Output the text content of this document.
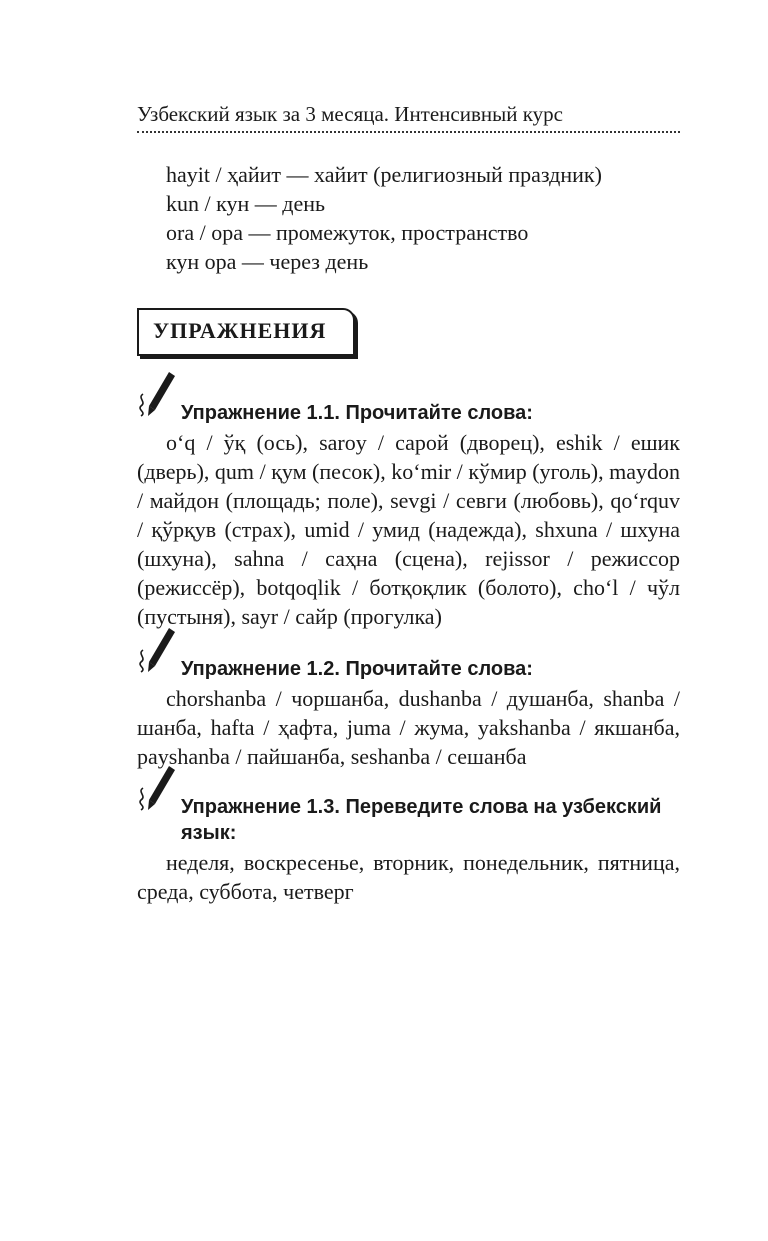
Узбекский язык за 3 месяца. Интенсивный курс
hayit / ҳайит — хайит (религиозный праздник)
kun / кун — день
ora / ора — промежуток, пространство
кун ора — через день
УПРАЖНЕНИЯ
Упражнение 1.1. Прочитайте слова:
o‘q / ўқ (ось), saroy / сарой (дворец), eshik / eшик (дверь), qum / қум (песок), ko‘mir / кўмир (уголь), maydon / майдон (площадь; поле), sevgi / севги (любовь), qo‘rquv / қўрқув (страх), umid / умид (надежда), shxuna / шхуна (шхуна), sahna / саҳна (сцена), rejissor / режиссор (режиссёр), botqoqlik / ботқоқлик (болото), cho‘l / чўл (пустыня), sayr / сайр (прогулка)
Упражнение 1.2. Прочитайте слова:
chorshanba / чоршанба, dushanba / душанба, shanba / шанба, hafta / ҳафта, juma / жума, yakshanba / якшанба, payshanba / пайшанба, seshanba / сешанба
Упражнение 1.3. Переведите слова на узбекский язык:
неделя, воскресенье, вторник, понедельник, пятница, среда, суббота, четверг
